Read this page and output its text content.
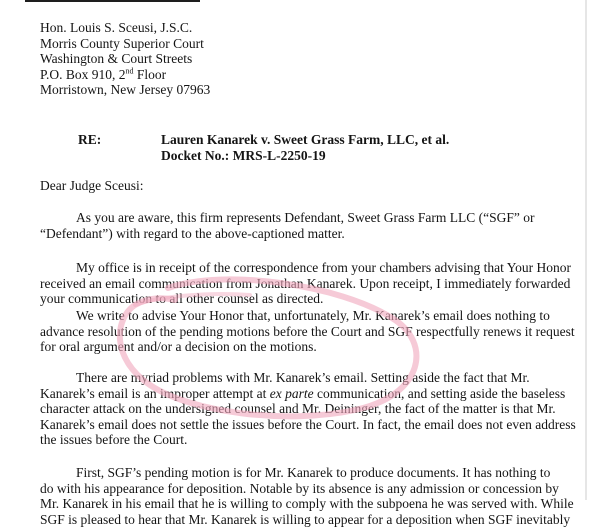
Hon. Louis S. Sceusi, J.S.C.
Morris County Superior Court
Washington & Court Streets
P.O. Box 910, 2nd Floor
Morristown, New Jersey 07963
RE:	Lauren Kanarek v. Sweet Grass Farm, LLC, et al.
Docket No.: MRS-L-2250-19
Dear Judge Sceusi:
As you are aware, this firm represents Defendant, Sweet Grass Farm LLC (“SGF” or
“Defendant”) with regard to the above-captioned matter.
My office is in receipt of the correspondence from your chambers advising that Your Honor
received an email communication from Jonathan Kanarek. Upon receipt, I immediately forwarded
your communication to all other counsel as directed.
We write to advise Your Honor that, unfortunately, Mr. Kanarek’s email does nothing to
advance resolution of the pending motions before the Court and SGF respectfully renews it request
for oral argument and/or a decision on the motions.
There are myriad problems with Mr. Kanarek’s email. Setting aside the fact that Mr.
Kanarek’s email is an improper attempt at ex parte communication, and setting aside the baseless
character attack on the undersigned counsel and Mr. Deininger, the fact of the matter is that Mr.
Kanarek’s email does not settle the issues before the Court. In fact, the email does not even address
the issues before the Court.
First, SGF’s pending motion is for Mr. Kanarek to produce documents. It has nothing to
do with his appearance for deposition. Notable by its absence is any admission or concession by
Mr. Kanarek in his email that he is willing to comply with the subpoena he was served with. While
SGF is pleased to hear that Mr. Kanarek is willing to appear for a deposition when SGF inevitably
